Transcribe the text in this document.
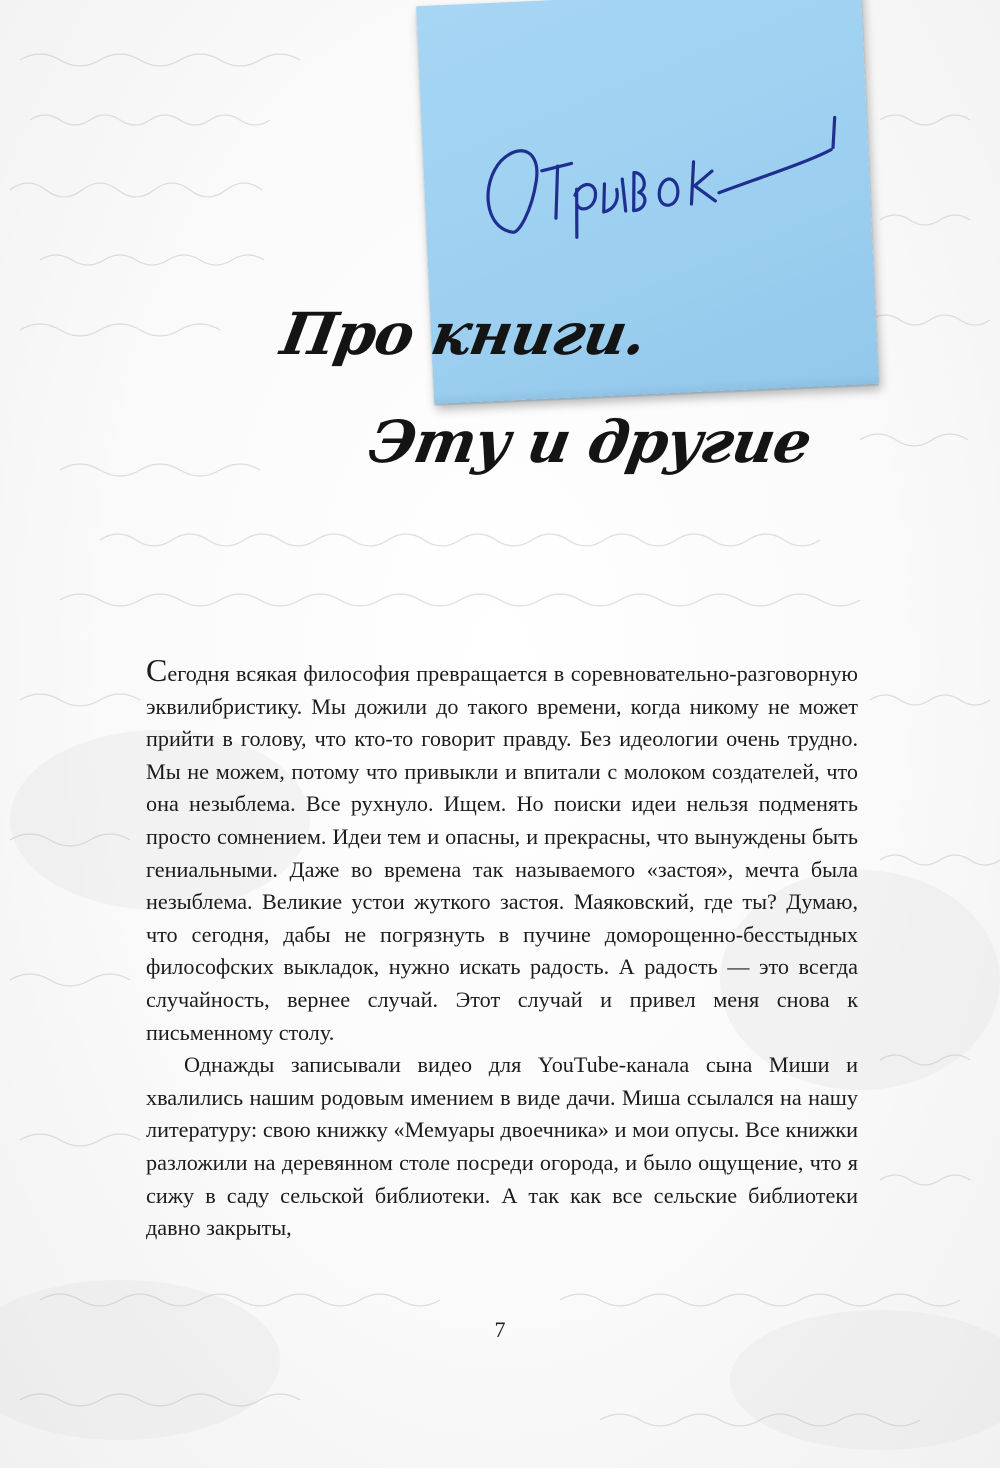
Про книги.
Эту и другие

Сегодня всякая философия превращается в соревновательно-разговорную эквилибристику. Мы дожили до такого времени, когда никому не может прийти в голову, что кто-то говорит правду. Без идеологии очень трудно. Мы не можем, потому что привыкли и впитали с молоком создателей, что она незыблема. Все рухнуло. Ищем. Но поиски идеи нельзя подменять просто сомнением. Идеи тем и опасны, и прекрасны, что вынуждены быть гениальными. Даже во времена так называемого «застоя», мечта была незыблема. Великие устои жуткого застоя. Маяковский, где ты? Думаю, что сегодня, дабы не погрязнуть в пучине доморощенно-бесстыдных философских выкладок, нужно искать радость. А радость — это всегда случайность, вернее случай. Этот случай и привел меня снова к письменному столу.

Однажды записывали видео для YouTube-канала сына Миши и хвалились нашим родовым имением в виде дачи. Миша ссылался на нашу литературу: свою книжку «Мемуары двоечника» и мои опусы. Все книжки разложили на деревянном столе посреди огорода, и было ощущение, что я сижу в саду сельской библиотеки. А так как все сельские библиотеки давно закрыты,

7
